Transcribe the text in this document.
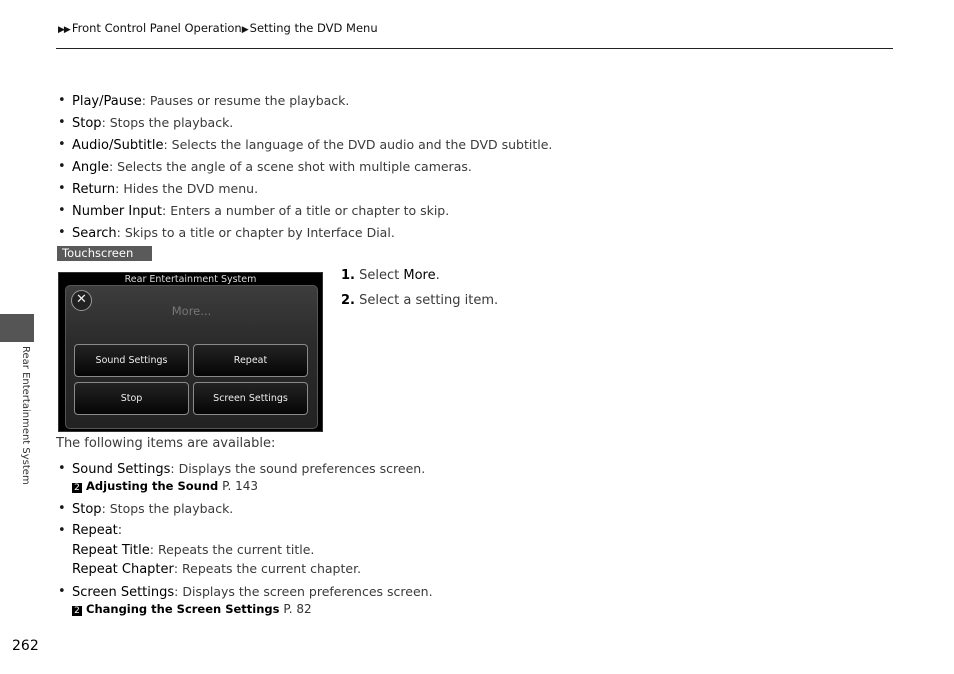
▶▶ Front Control Panel Operation▶ Setting the DVD Menu
• Play/Pause: Pauses or resume the playback.
• Stop: Stops the playback.
• Audio/Subtitle: Selects the language of the DVD audio and the DVD subtitle.
• Angle: Selects the angle of a scene shot with multiple cameras.
• Return: Hides the DVD menu.
• Number Input: Enters a number of a title or chapter to skip.
• Search: Skips to a title or chapter by Interface Dial.
Touchscreen
Rear Entertainment System
✕
More...
Sound Settings	Repeat
Stop	Screen Settings
1. Select More.
2. Select a setting item.
The following items are available:
• Sound Settings: Displays the sound preferences screen.
2 Adjusting the Sound P. 143
• Stop: Stops the playback.
• Repeat:
Repeat Title: Repeats the current title.
Repeat Chapter: Repeats the current chapter.
• Screen Settings: Displays the screen preferences screen.
2 Changing the Screen Settings P. 82
Rear Entertainment System
262
